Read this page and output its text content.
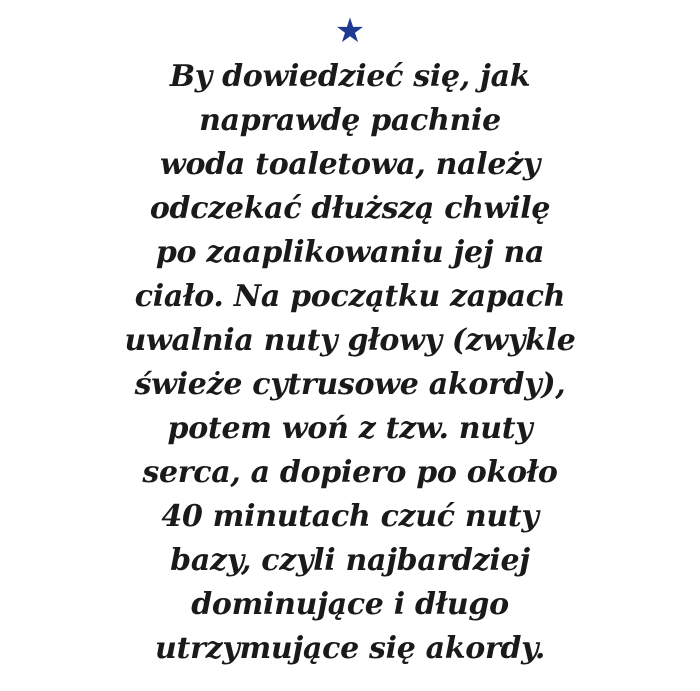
★

By dowiedzieć się, jak
naprawdę pachnie
woda toaletowa, należy
odczekać dłuższą chwilę
po zaaplikowaniu jej na
ciało. Na początku zapach
uwalnia nuty głowy (zwykle
świeże cytrusowe akordy),
potem woń z tzw. nuty
serca, a dopiero po około
40 minutach czuć nuty
bazy, czyli najbardziej
dominujące i długo
utrzymujące się akordy.
